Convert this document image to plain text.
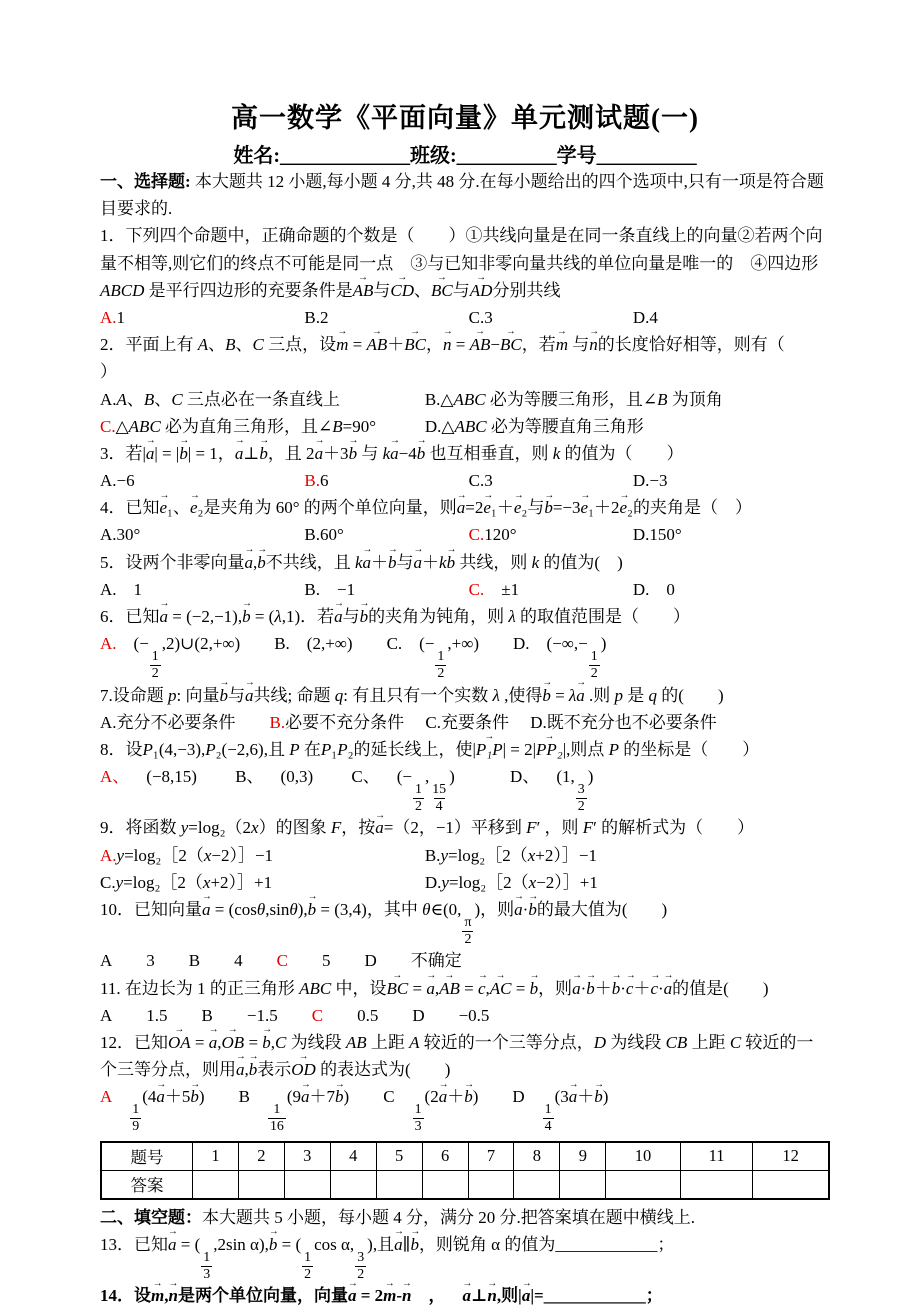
高一数学《平面向量》单元测试题(一)
姓名:_____________班级:__________学号__________
一、选择题: 本大题共 12 小题,每小题 4 分,共 48 分.在每小题给出的四个选项中,只有一项是符合题目要求的.
1．下列四个命题中，正确命题的个数是（ ）①共线向量是在同一条直线上的向量②若两个向量不相等,则它们的终点不可能是同一点 ③与已知非零向量共线的单位向量是唯一的 ④四边形 ABCD 是平行四边形的充要条件是AB →与CD →、BC →与AD →分别共线
A.1	B.2	C.3	D.4
2．平面上有 A、B、C 三点，设m → = AB →＋BC →，n → = AB →−BC →，若m → 与n →的长度恰好相等，则有（）
A.A、B、C 三点必在一条直线上	B.△ABC 必为等腰三角形，且∠B 为顶角
C.△ABC 必为直角三角形，且∠B=90°	D.△ABC 必为等腰直角三角形
3．若|a →| = |b →| = 1，a →⊥b →，且 2a →＋3b → 与 ka →−4b → 也互相垂直，则 k 的值为（ ）
A.−6	B.6	C.3	D.−3
4．已知e →₁、e →₂是夹角为 60° 的两个单位向量，则a →=2e →₁＋e →₂与b →=−3e →₁＋2e →₂的夹角是（ ）
A.30°	B.60°	C.120°	D.150°
5．设两个非零向量a →,b →不共线，且 ka →＋b →与a →＋kb → 共线，则 k 的值为( )
A. 1	B. −1	C. ±1	D. 0
6．已知a → = (−2,−1),b → = (λ,1)．若a →与b →的夹角为钝角，则 λ 的取值范围是（ ）
A. (−
$\frac{1}{2}$
,2)∪(2,+∞) B. (2,+∞) C. (−
$\frac{1}{2}$
,+∞) D. (−∞,−
$\frac{1}{2}$
)
7.设命题 p: 向量b →与a →共线; 命题 q: 有且只有一个实数 λ ,使得b → = λa → .则 p 是 q 的( )
A.充分不必要条件 B.必要不充分条件 C.充要条件 D.既不充分也不必要条件
8．设P₁(4,−3),P₂(−2,6),且 P 在P₁P₂的延长线上，使|P₁P →| = 2|PP₂ →|,则点 P 的坐标是（ ）
A、 (−8,15) B、 (0,3) C、 (−
$\frac{1}{2}$
,
$\frac{15}{4}$
)	D、 (1,
$\frac{3}{2}$
)
9．将函数 y=log₂（2x）的图象 F，按a →=（2，−1）平移到 F′ ，则 F′ 的解析式为（ ）
A.y=log₂［2（x−2）］−1	B.y=log₂［2（x+2）］−1
C.y=log₂［2（x+2）］+1	D.y=log₂［2（x−2）］+1
10．已知向量a → = (cosθ,sinθ),b → = (3,4)，其中 θ∈(0,
$\frac{\pi}{2}$
)，则a →·b →的最大值为( )
A 3 B 4 C 5 D 不确定
11. 在边长为 1 的正三角形 ABC 中，设BC → = a →,AB → = c →,AC → = b →，则a →·b →＋b →·c →＋c →·a →的值是( )
A 1.5 B −1.5 C 0.5 D −0.5
12．已知OA → = a →,OB → = b →,C 为线段 AB 上距 A 较近的一个三等分点，D 为线段 CB 上距 C 较近的一个三等分点，则用a →,b →表示OD → 的表达式为( )
A
$\frac{1}{9}$
(4a →＋5b →) B
$\frac{1}{16}$
(9a →＋7b →) C
$\frac{1}{3}$
(2a →＋b →) D
$\frac{1}{4}$
(3a →＋b →)
题号	1	2	3	4	5	6	7	8	9	10	11	12
答案												
二、填空题：本大题共 5 小题，每小题 4 分，满分 20 分.把答案填在题中横线上.
13．已知a → = (
$\frac{1}{3}$
,2sin α),b → = (
$\frac{1}{2}$
cos α,
$\frac{3}{2}$
),且a →∥b →，则锐角 α 的值为____________；
14．设m →,n →是两个单位向量，向量a → = 2m →-n → ， a →⊥n →,则|a →|=____________；
